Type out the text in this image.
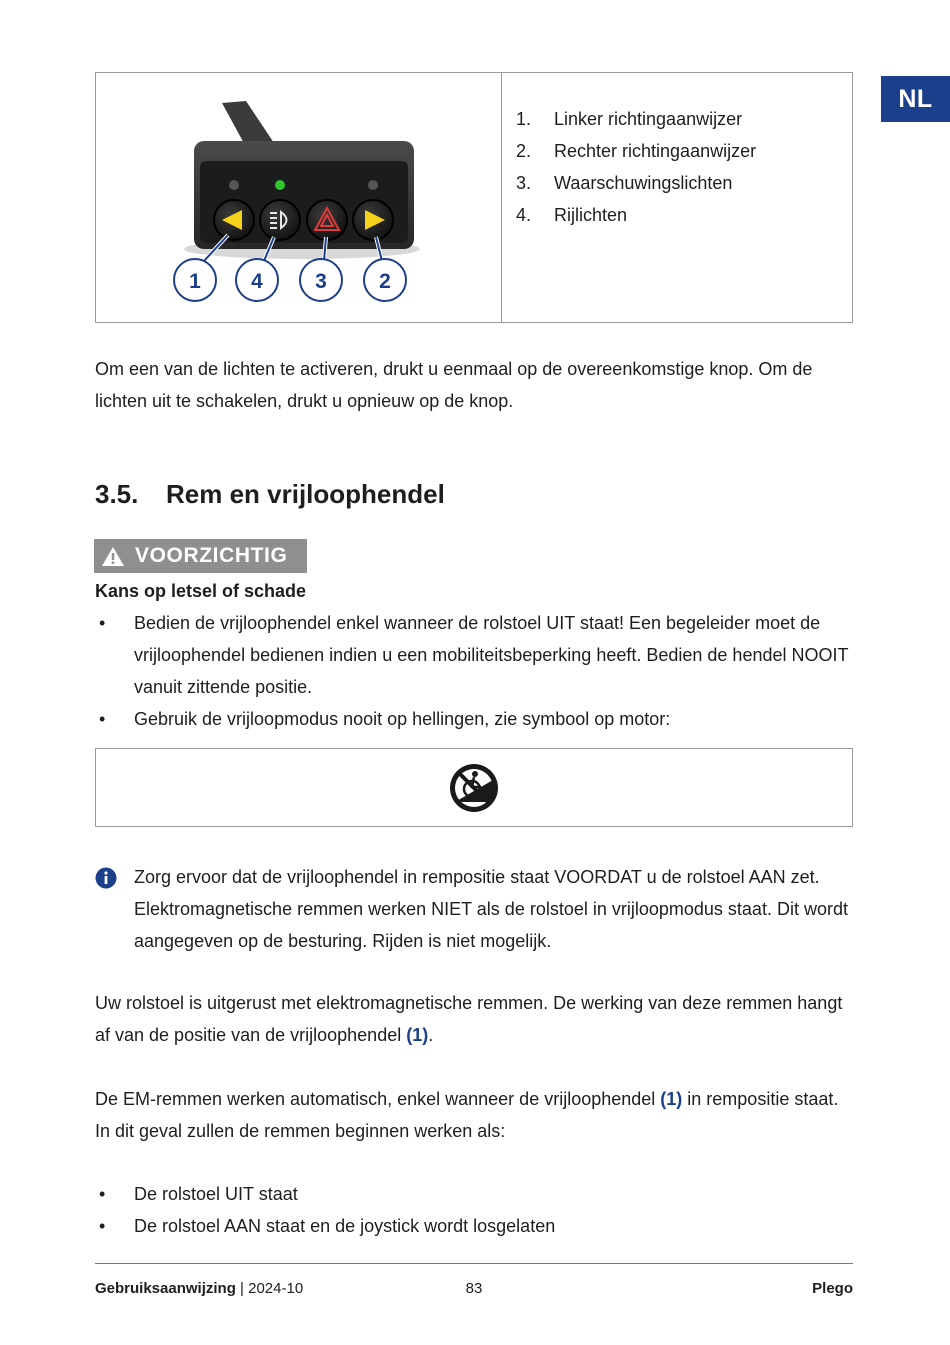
NL
1 4 3 2
1.	Linker richtingaanwijzer
2.	Rechter richtingaanwijzer
3.	Waarschuwingslichten
4.	Rijlichten

Om een van de lichten te activeren, drukt u eenmaal op de overeenkomstige knop. Om de lichten uit te schakelen, drukt u opnieuw op de knop.

3.5. Rem en vrijloophendel
VOORZICHTIG

Kans op letsel of schade

• Bedien de vrijloophendel enkel wanneer de rolstoel UIT staat! Een begeleider moet de vrijloophendel bedienen indien u een mobiliteitsbeperking heeft. Bedien de hendel NOOIT vanuit zittende positie.
• Gebruik de vrijloopmodus nooit op hellingen, zie symbool op motor:

Zorg ervoor dat de vrijloophendel in rempositie staat VOORDAT u de rolstoel AAN zet. Elektromagnetische remmen werken NIET als de rolstoel in vrijloopmodus staat. Dit wordt aangegeven op de besturing. Rijden is niet mogelijk.

Uw rolstoel is uitgerust met elektromagnetische remmen. De werking van deze remmen hangt af van de positie van de vrijloophendel (1).

De EM-remmen werken automatisch, enkel wanneer de vrijloophendel (1) in rempositie staat. In dit geval zullen de remmen beginnen werken als:

• De rolstoel UIT staat
• De rolstoel AAN staat en de joystick wordt losgelaten
Gebruiksaanwijzing | 2024-10	83	Plego
